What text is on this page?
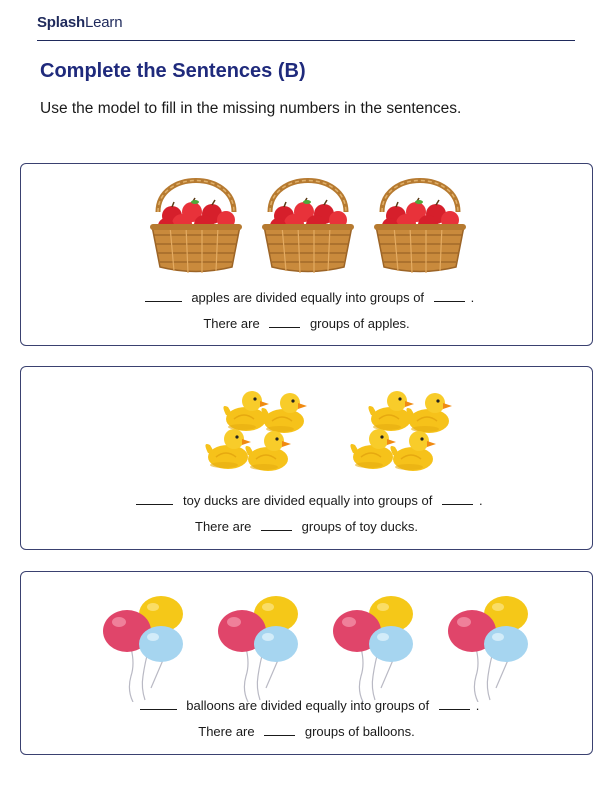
SplashLearn
Complete the Sentences (B)
Use the model to fill in the missing numbers in the sentences.
apples are divided equally into groups of	.
There are	groups of apples.
toy ducks are divided equally into groups of	.
There are	groups of toy ducks.
balloons are divided equally into groups of	.
There are	groups of balloons.
